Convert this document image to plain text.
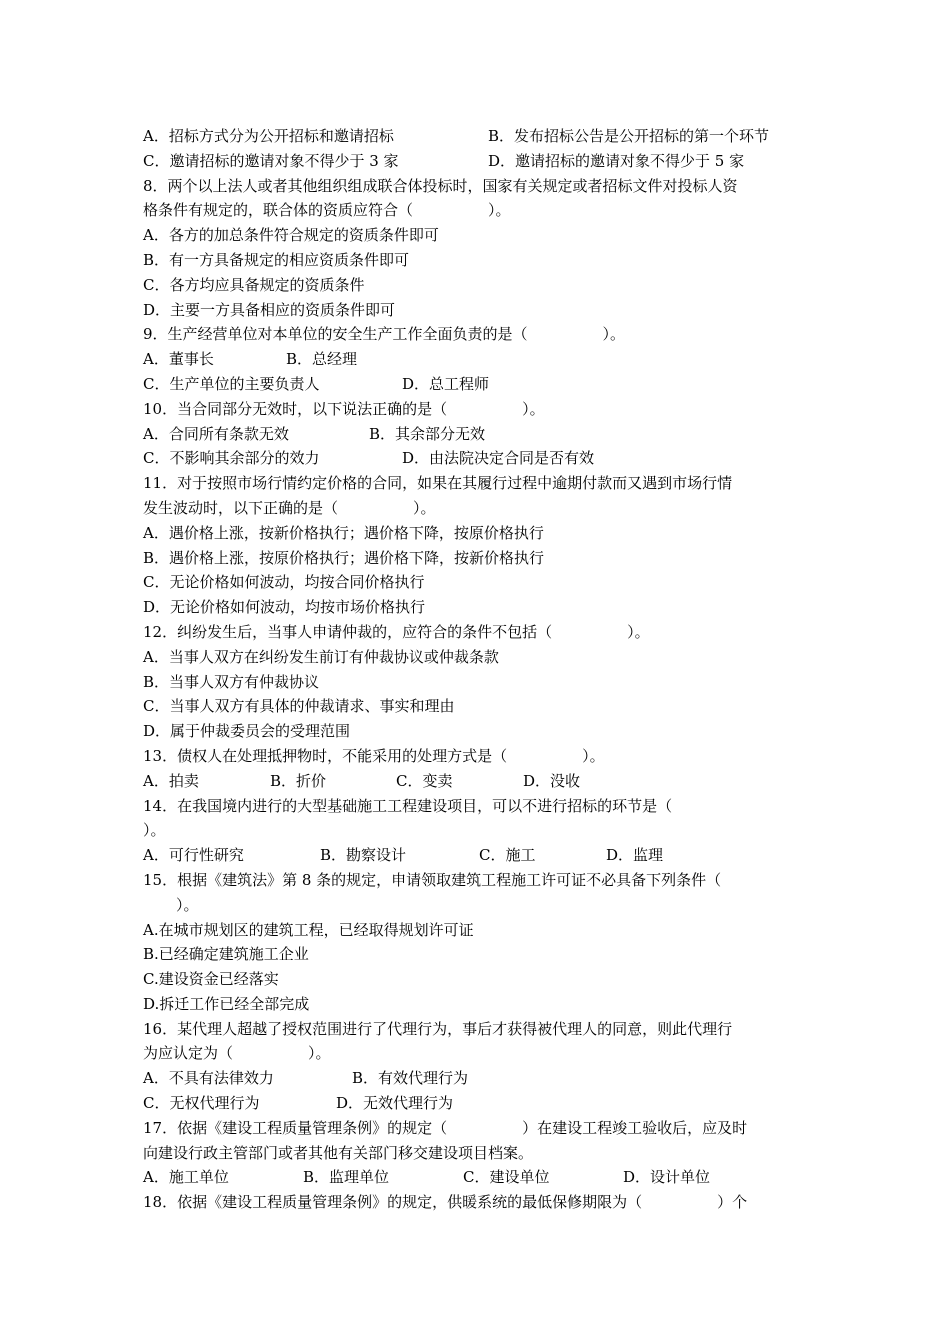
A．招标方式分为公开招标和邀请招标	B．发布招标公告是公开招标的第一个环节
C．邀请招标的邀请对象不得少于 3 家	D．邀请招标的邀请对象不得少于 5 家
8．两个以上法人或者其他组织组成联合体投标时，国家有关规定或者招标文件对投标人资
格条件有规定的，联合体的资质应符合（　　　　　）。
A．各方的加总条件符合规定的资质条件即可
B．有一方具备规定的相应资质条件即可
C．各方均应具备规定的资质条件
D．主要一方具备相应的资质条件即可
9．生产经营单位对本单位的安全生产工作全面负责的是（　　　　　）。
A．董事长	B．总经理
C．生产单位的主要负责人	D．总工程师
10．当合同部分无效时，以下说法正确的是（　　　　　）。
A．合同所有条款无效	B．其余部分无效
C．不影响其余部分的效力	D．由法院决定合同是否有效
11．对于按照市场行情约定价格的合同，如果在其履行过程中逾期付款而又遇到市场行情
发生波动时，以下正确的是（　　　　　）。
A．遇价格上涨，按新价格执行；遇价格下降，按原价格执行
B．遇价格上涨，按原价格执行；遇价格下降，按新价格执行
C．无论价格如何波动，均按合同价格执行
D．无论价格如何波动，均按市场价格执行
12．纠纷发生后，当事人申请仲裁的，应符合的条件不包括（　　　　　）。
A．当事人双方在纠纷发生前订有仲裁协议或仲裁条款
B．当事人双方有仲裁协议
C．当事人双方有具体的仲裁请求、事实和理由
D．属于仲裁委员会的受理范围
13．债权人在处理抵押物时，不能采用的处理方式是（　　　　　）。
A．拍卖	B．折价	C．变卖	D．没收
14．在我国境内进行的大型基础施工工程建设项目，可以不进行招标的环节是（
）。
A．可行性研究	B．勘察设计	C．施工	D．监理
15．根据《建筑法》第 8 条的规定，申请领取建筑工程施工许可证不必具备下列条件（
）。
A.在城市规划区的建筑工程，已经取得规划许可证
B.已经确定建筑施工企业
C.建设资金已经落实
D.拆迁工作已经全部完成
16．某代理人超越了授权范围进行了代理行为，事后才获得被代理人的同意，则此代理行
为应认定为（　　　　　）。
A．不具有法律效力	B．有效代理行为
C．无权代理行为	D．无效代理行为
17．依据《建设工程质量管理条例》的规定（　　　　　）在建设工程竣工验收后，应及时
向建设行政主管部门或者其他有关部门移交建设项目档案。
A．施工单位	B．监理单位	C．建设单位	D．设计单位
18．依据《建设工程质量管理条例》的规定，供暖系统的最低保修期限为（　　　　　）个
